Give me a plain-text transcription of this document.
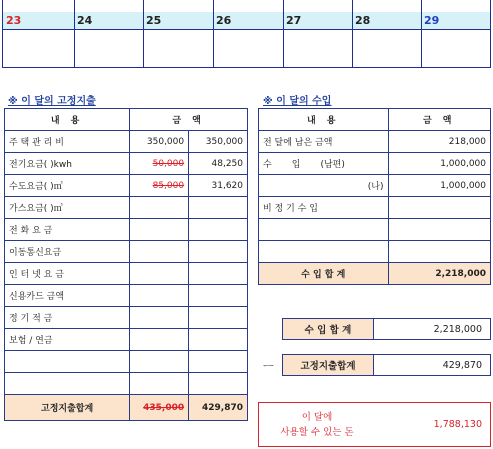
23	24	25	26	27	28	29
※ 이 달의 고정지출	※ 이 달의 수입
내 용	금 액	
주 택 관 리 비	350,000	350,000
전기요금( )kwh	50,000	48,250
수도요금( )㎥	85,000	31,620
가스요금( )㎥		
전 화 요 금		
이동통신요금		
인 터 넷 요 금		
신용카드 금액		
정 기 적 금		
보험 / 연금		

고정지출합계	435,000	429,870
내 용	금 액
전 달에 남은 금액	218,000
수       입       (남편)	1,000,000
(나)	1,000,000
비 정 기 수 입	

수 입 합 계	2,218,000
수 입 합 계	2,218,000
ㅡ	고정지출합계	429,870
이 달에
사용할 수 있는 돈
1,788,130
